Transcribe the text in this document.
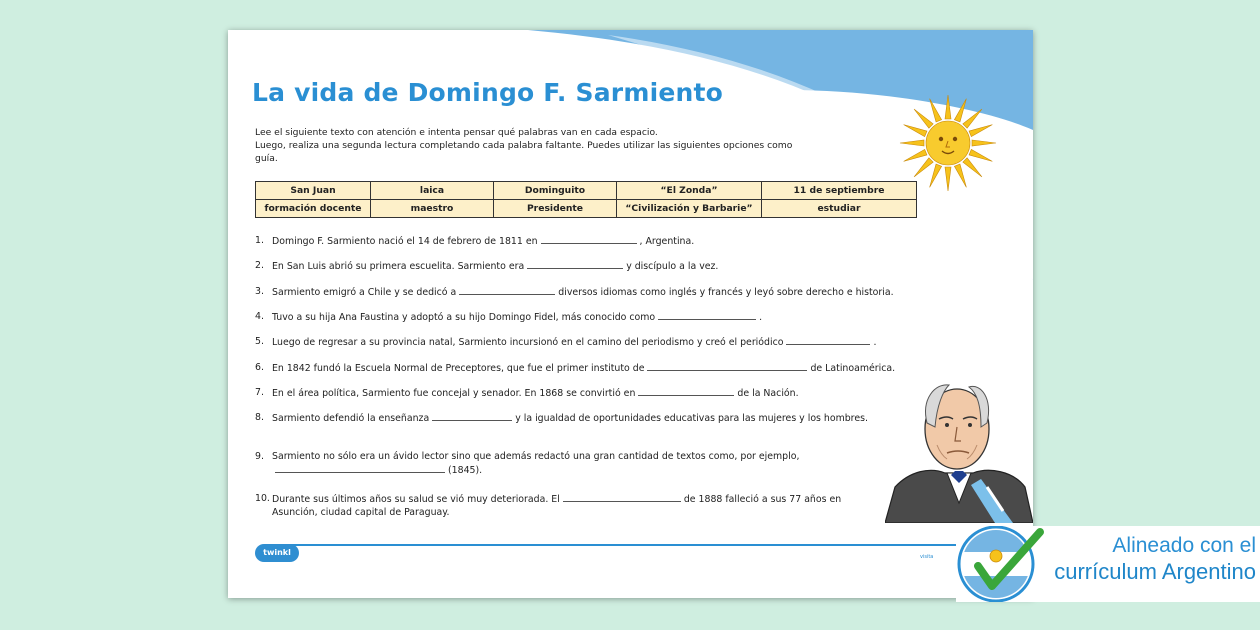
La vida de Domingo F. Sarmiento

Lee el siguiente texto con atención e intenta pensar qué palabras van en cada espacio.

Luego, realiza una segunda lectura completando cada palabra faltante. Puedes utilizar las siguientes opciones como guía.

San Juan	laica	Dominguito	“El Zonda”	11 de septiembre
formación docente	maestro	Presidente	“Civilización y Barbarie”	estudiar
1. Domingo F. Sarmiento nació el 14 de febrero de 1811 en	, Argentina.
2. En San Luis abrió su primera escuelita. Sarmiento era	y discípulo a la vez.
3. Sarmiento emigró a Chile y se dedicó a	diversos idiomas como inglés y francés y leyó sobre derecho e historia.
4. Tuvo a su hija Ana Faustina y adoptó a su hijo Domingo Fidel, más conocido como	.
5. Luego de regresar a su provincia natal, Sarmiento incursionó en el camino del periodismo y creó el periódico	.
6. En 1842 fundó la Escuela Normal de Preceptores, que fue el primer instituto de	de Latinoamérica.
7. En el área política, Sarmiento fue concejal y senador. En 1868 se convirtió en	de la Nación.
8. Sarmiento defendió la enseñanza	y la igualdad de oportunidades educativas para las mujeres y los hombres.
9. Sarmiento no sólo era un ávido lector sino que además redactó una gran cantidad de textos como, por ejemplo,(1845).
10. Durante sus últimos años su salud se vió muy deteriorada. El	de 1888 falleció a sus 77 años en Asunción, ciudad capital de Paraguay.
twinkl	visita	Alineado con el
currículum Argentino
